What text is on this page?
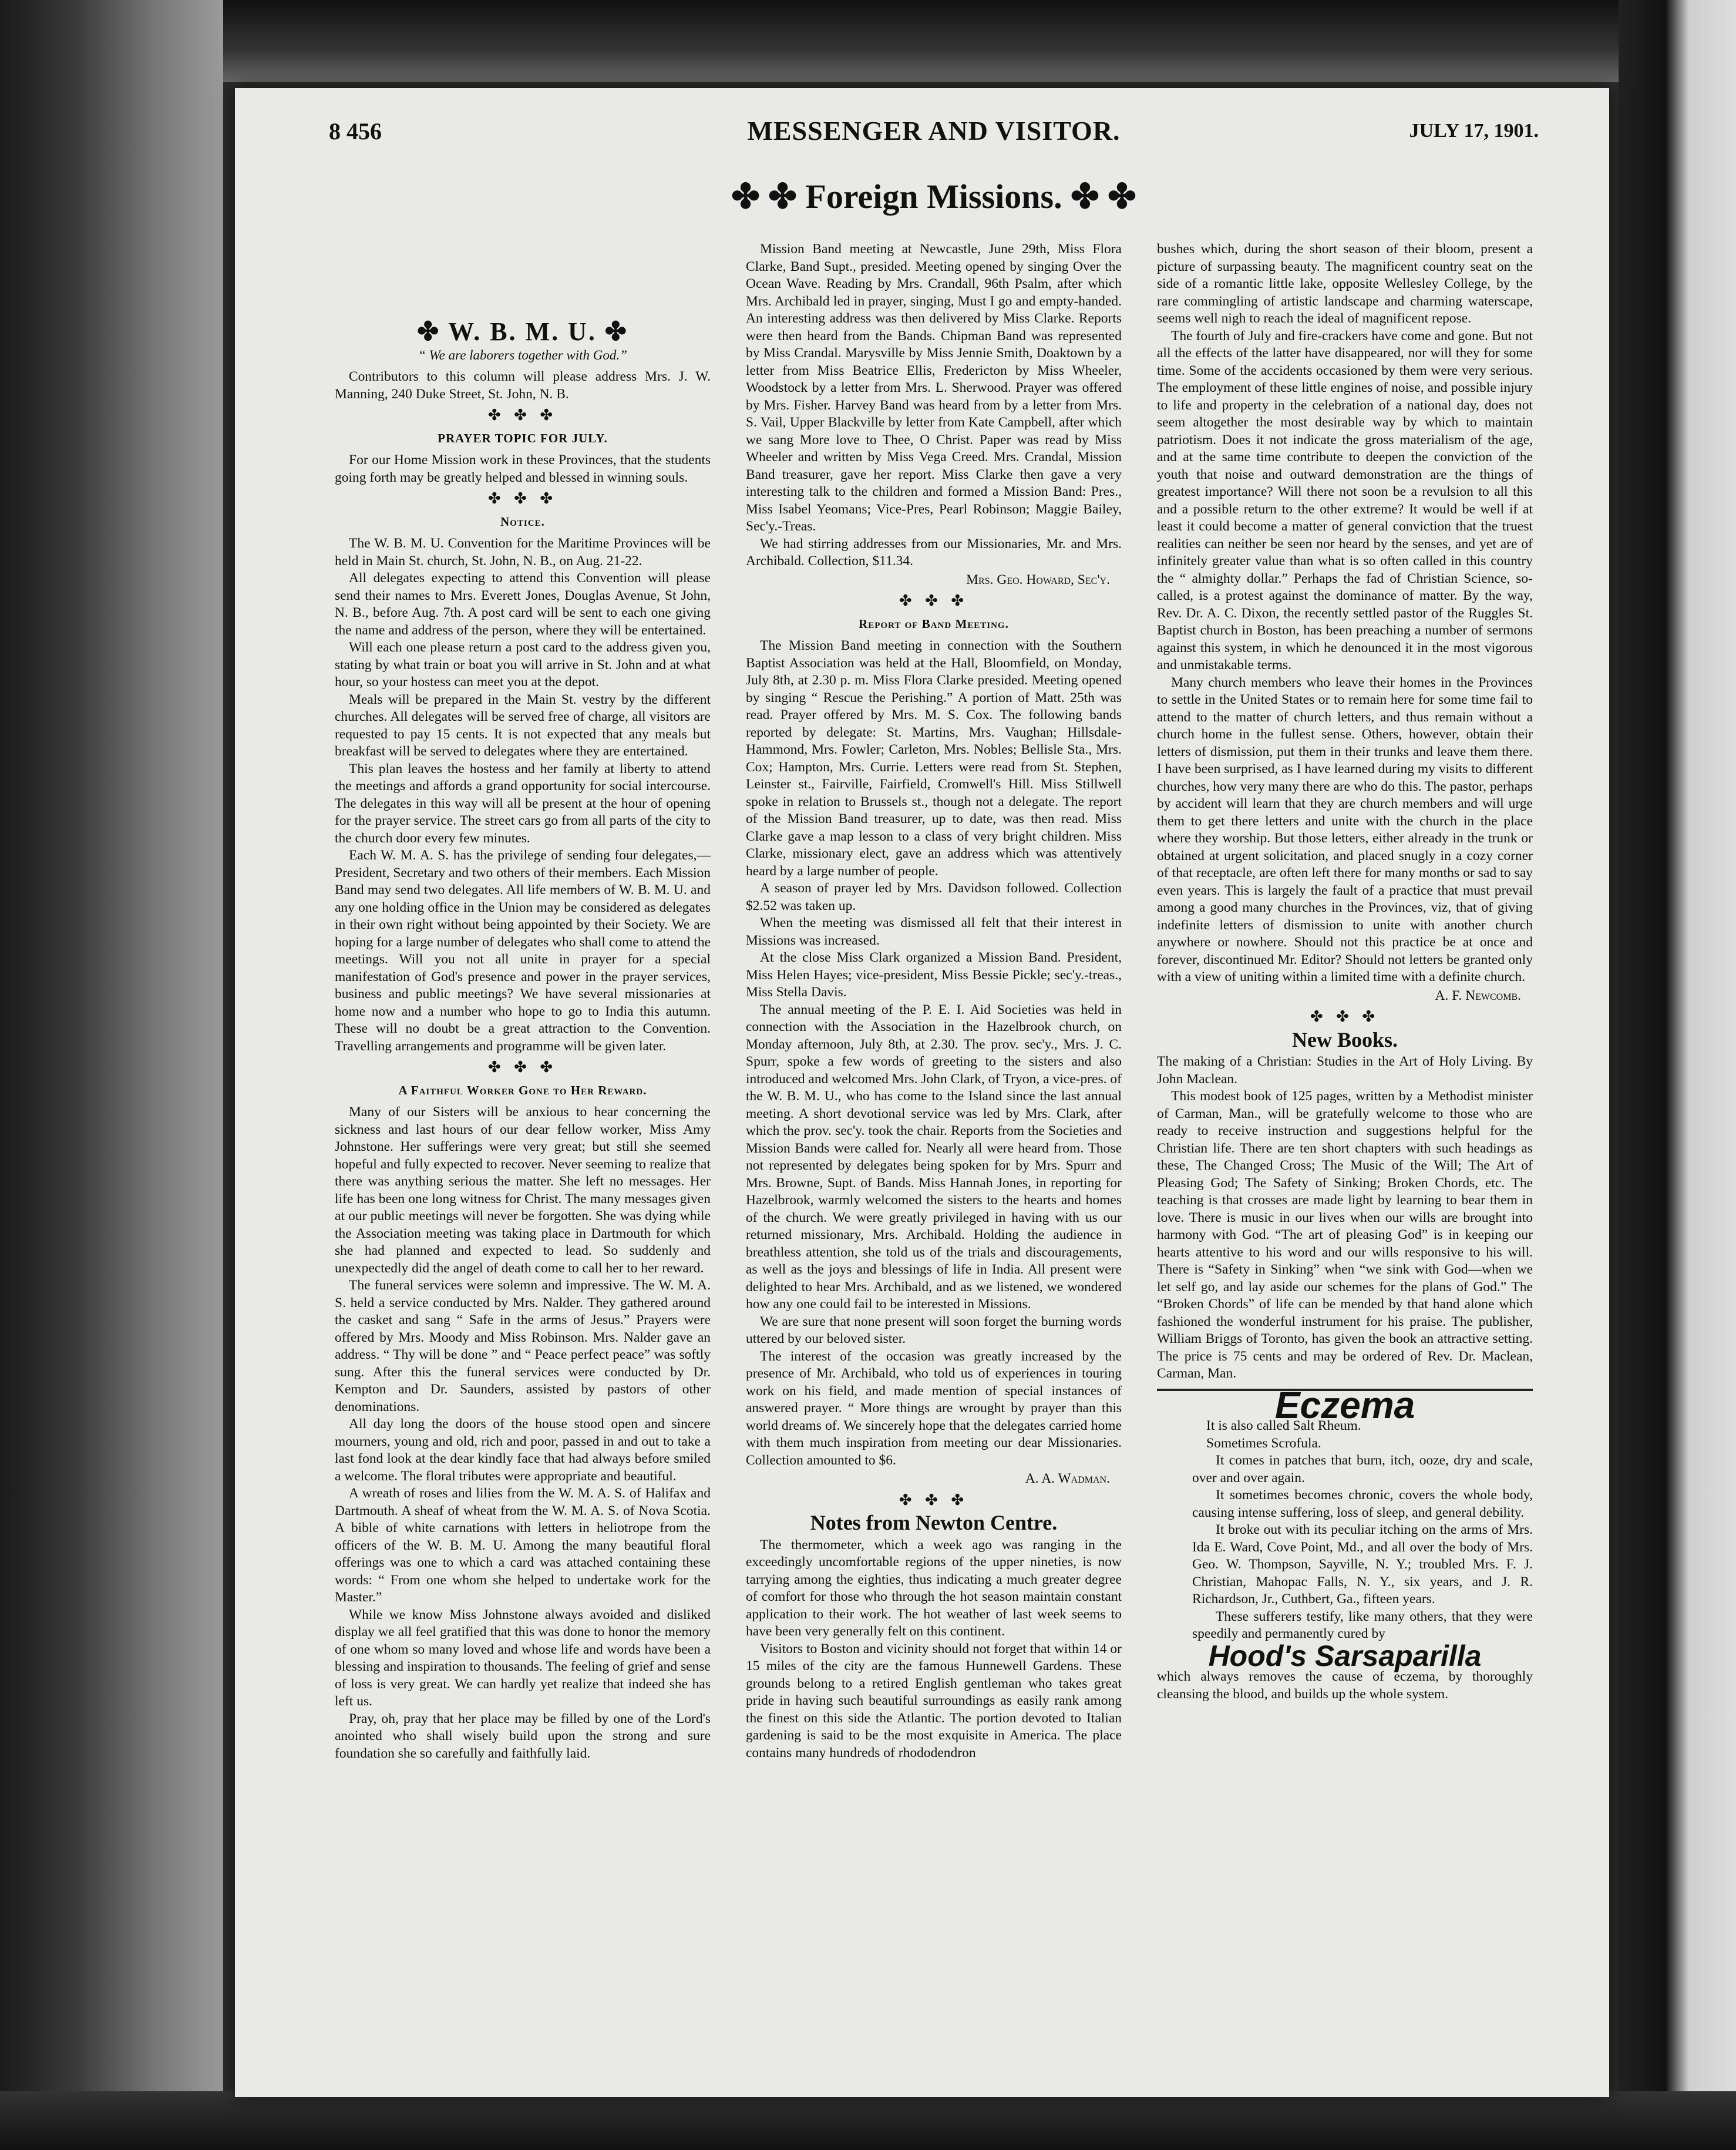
8 456	MESSENGER AND VISITOR.	JULY 17, 1901.
✤ ✤ Foreign Missions. ✤ ✤
✤ W. B. M. U. ✤
“ We are laborers together with God.”

Contributors to this column will please address Mrs. J. W. Manning, 240 Duke Street, St. John, N. B.

✤ ✤ ✤
PRAYER TOPIC FOR JULY.

For our Home Mission work in these Provinces, that the students going forth may be greatly helped and blessed in winning souls.

✤ ✤ ✤
Notice.

The W. B. M. U. Convention for the Maritime Provinces will be held in Main St. church, St. John, N. B., on Aug. 21-22.

All delegates expecting to attend this Convention will please send their names to Mrs. Everett Jones, Douglas Avenue, St John, N. B., before Aug. 7th. A post card will be sent to each one giving the name and address of the person, where they will be entertained.

Will each one please return a post card to the address given you, stating by what train or boat you will arrive in St. John and at what hour, so your hostess can meet you at the depot.

Meals will be prepared in the Main St. vestry by the different churches. All delegates will be served free of charge, all visitors are requested to pay 15 cents. It is not expected that any meals but breakfast will be served to delegates where they are entertained.

This plan leaves the hostess and her family at liberty to attend the meetings and affords a grand opportunity for social intercourse. The delegates in this way will all be present at the hour of opening for the prayer service. The street cars go from all parts of the city to the church door every few minutes.

Each W. M. A. S. has the privilege of sending four delegates,—President, Secretary and two others of their members. Each Mission Band may send two delegates. All life members of W. B. M. U. and any one holding office in the Union may be considered as delegates in their own right without being appointed by their Society. We are hoping for a large number of delegates who shall come to attend the meetings. Will you not all unite in prayer for a special manifestation of God's presence and power in the prayer services, business and public meetings? We have several missionaries at home now and a number who hope to go to India this autumn. These will no doubt be a great attraction to the Convention. Travelling arrangements and programme will be given later.

✤ ✤ ✤
A Faithful Worker Gone to Her Reward.

Many of our Sisters will be anxious to hear concerning the sickness and last hours of our dear fellow worker, Miss Amy Johnstone. Her sufferings were very great; but still she seemed hopeful and fully expected to recover. Never seeming to realize that there was anything serious the matter. She left no messages. Her life has been one long witness for Christ. The many messages given at our public meetings will never be forgotten. She was dying while the Association meeting was taking place in Dartmouth for which she had planned and expected to lead. So suddenly and unexpectedly did the angel of death come to call her to her reward.

The funeral services were solemn and impressive. The W. M. A. S. held a service conducted by Mrs. Nalder. They gathered around the casket and sang “ Safe in the arms of Jesus.” Prayers were offered by Mrs. Moody and Miss Robinson. Mrs. Nalder gave an address. “ Thy will be done ” and “ Peace perfect peace” was softly sung. After this the funeral services were conducted by Dr. Kempton and Dr. Saunders, assisted by pastors of other denominations.

All day long the doors of the house stood open and sincere mourners, young and old, rich and poor, passed in and out to take a last fond look at the dear kindly face that had always before smiled a welcome. The floral tributes were appropriate and beautiful.

A wreath of roses and lilies from the W. M. A. S. of Halifax and Dartmouth. A sheaf of wheat from the W. M. A. S. of Nova Scotia. A bible of white carnations with letters in heliotrope from the officers of the W. B. M. U. Among the many beautiful floral offerings was one to which a card was attached containing these words: “ From one whom she helped to undertake work for the Master.”

While we know Miss Johnstone always avoided and disliked display we all feel gratified that this was done to honor the memory of one whom so many loved and whose life and words have been a blessing and inspiration to thousands. The feeling of grief and sense of loss is very great. We can hardly yet realize that indeed she has left us.

Pray, oh, pray that her place may be filled by one of the Lord's anointed who shall wisely build upon the strong and sure foundation she so carefully and faithfully laid.

Mission Band meeting at Newcastle, June 29th, Miss Flora Clarke, Band Supt., presided. Meeting opened by singing Over the Ocean Wave. Reading by Mrs. Crandall, 96th Psalm, after which Mrs. Archibald led in prayer, singing, Must I go and empty-handed. An interesting address was then delivered by Miss Clarke. Reports were then heard from the Bands. Chipman Band was represented by Miss Crandal. Marysville by Miss Jennie Smith, Doaktown by a letter from Miss Beatrice Ellis, Fredericton by Miss Wheeler, Woodstock by a letter from Mrs. L. Sherwood. Prayer was offered by Mrs. Fisher. Harvey Band was heard from by a letter from Mrs. S. Vail, Upper Blackville by letter from Kate Campbell, after which we sang More love to Thee, O Christ. Paper was read by Miss Wheeler and written by Miss Vega Creed. Mrs. Crandal, Mission Band treasurer, gave her report. Miss Clarke then gave a very interesting talk to the children and formed a Mission Band: Pres., Miss Isabel Yeomans; Vice-Pres, Pearl Robinson; Maggie Bailey, Sec'y.-Treas.

We had stirring addresses from our Missionaries, Mr. and Mrs. Archibald. Collection, $11.34.

Mrs. Geo. Howard, Sec'y.
✤ ✤ ✤
Report of Band Meeting.

The Mission Band meeting in connection with the Southern Baptist Association was held at the Hall, Bloomfield, on Monday, July 8th, at 2.30 p. m. Miss Flora Clarke presided. Meeting opened by singing “ Rescue the Perishing.” A portion of Matt. 25th was read. Prayer offered by Mrs. M. S. Cox. The following bands reported by delegate: St. Martins, Mrs. Vaughan; Hillsdale-Hammond, Mrs. Fowler; Carleton, Mrs. Nobles; Bellisle Sta., Mrs. Cox; Hampton, Mrs. Currie. Letters were read from St. Stephen, Leinster st., Fairville, Fairfield, Cromwell's Hill. Miss Stillwell spoke in relation to Brussels st., though not a delegate. The report of the Mission Band treasurer, up to date, was then read. Miss Clarke gave a map lesson to a class of very bright children. Miss Clarke, missionary elect, gave an address which was attentively heard by a large number of people.

A season of prayer led by Mrs. Davidson followed. Collection $2.52 was taken up.

When the meeting was dismissed all felt that their interest in Missions was increased.

At the close Miss Clark organized a Mission Band. President, Miss Helen Hayes; vice-president, Miss Bessie Pickle; sec'y.-treas., Miss Stella Davis.

The annual meeting of the P. E. I. Aid Societies was held in connection with the Association in the Hazelbrook church, on Monday afternoon, July 8th, at 2.30. The prov. sec'y., Mrs. J. C. Spurr, spoke a few words of greeting to the sisters and also introduced and welcomed Mrs. John Clark, of Tryon, a vice-pres. of the W. B. M. U., who has come to the Island since the last annual meeting. A short devotional service was led by Mrs. Clark, after which the prov. sec'y. took the chair. Reports from the Societies and Mission Bands were called for. Nearly all were heard from. Those not represented by delegates being spoken for by Mrs. Spurr and Mrs. Browne, Supt. of Bands. Miss Hannah Jones, in reporting for Hazelbrook, warmly welcomed the sisters to the hearts and homes of the church. We were greatly privileged in having with us our returned missionary, Mrs. Archibald. Holding the audience in breathless attention, she told us of the trials and discouragements, as well as the joys and blessings of life in India. All present were delighted to hear Mrs. Archibald, and as we listened, we wondered how any one could fail to be interested in Missions.

We are sure that none present will soon forget the burning words uttered by our beloved sister.

The interest of the occasion was greatly increased by the presence of Mr. Archibald, who told us of experiences in touring work on his field, and made mention of special instances of answered prayer. “ More things are wrought by prayer than this world dreams of. We sincerely hope that the delegates carried home with them much inspiration from meeting our dear Missionaries. Collection amounted to $6.

A. A. Wadman.
✤ ✤ ✤
Notes from Newton Centre.

The thermometer, which a week ago was ranging in the exceedingly uncomfortable regions of the upper nineties, is now tarrying among the eighties, thus indicating a much greater degree of comfort for those who through the hot season maintain constant application to their work. The hot weather of last week seems to have been very generally felt on this continent.

Visitors to Boston and vicinity should not forget that within 14 or 15 miles of the city are the famous Hunnewell Gardens. These grounds belong to a retired English gentleman who takes great pride in having such beautiful surroundings as easily rank among the finest on this side the Atlantic. The portion devoted to Italian gardening is said to be the most exquisite in America. The place contains many hundreds of rhododendron

bushes which, during the short season of their bloom, present a picture of surpassing beauty. The magnificent country seat on the side of a romantic little lake, opposite Wellesley College, by the rare commingling of artistic landscape and charming waterscape, seems well nigh to reach the ideal of magnificent repose.

The fourth of July and fire-crackers have come and gone. But not all the effects of the latter have disappeared, nor will they for some time. Some of the accidents occasioned by them were very serious. The employment of these little engines of noise, and possible injury to life and property in the celebration of a national day, does not seem altogether the most desirable way by which to maintain patriotism. Does it not indicate the gross materialism of the age, and at the same time contribute to deepen the conviction of the youth that noise and outward demonstration are the things of greatest importance? Will there not soon be a revulsion to all this and a possible return to the other extreme? It would be well if at least it could become a matter of general conviction that the truest realities can neither be seen nor heard by the senses, and yet are of infinitely greater value than what is so often called in this country the “ almighty dollar.” Perhaps the fad of Christian Science, so-called, is a protest against the dominance of matter. By the way, Rev. Dr. A. C. Dixon, the recently settled pastor of the Ruggles St. Baptist church in Boston, has been preaching a number of sermons against this system, in which he denounced it in the most vigorous and unmistakable terms.

Many church members who leave their homes in the Provinces to settle in the United States or to remain here for some time fail to attend to the matter of church letters, and thus remain without a church home in the fullest sense. Others, however, obtain their letters of dismission, put them in their trunks and leave them there. I have been surprised, as I have learned during my visits to different churches, how very many there are who do this. The pastor, perhaps by accident will learn that they are church members and will urge them to get there letters and unite with the church in the place where they worship. But those letters, either already in the trunk or obtained at urgent solicitation, and placed snugly in a cozy corner of that receptacle, are often left there for many months or sad to say even years. This is largely the fault of a practice that must prevail among a good many churches in the Provinces, viz, that of giving indefinite letters of dismission to unite with another church anywhere or nowhere. Should not this practice be at once and forever, discontinued Mr. Editor? Should not letters be granted only with a view of uniting within a limited time with a definite church.

A. F. Newcomb.
✤ ✤ ✤
New Books.

The making of a Christian: Studies in the Art of Holy Living. By John Maclean.

This modest book of 125 pages, written by a Methodist minister of Carman, Man., will be gratefully welcome to those who are ready to receive instruction and suggestions helpful for the Christian life. There are ten short chapters with such headings as these, The Changed Cross; The Music of the Will; The Art of Pleasing God; The Safety of Sinking; Broken Chords, etc. The teaching is that crosses are made light by learning to bear them in love. There is music in our lives when our wills are brought into harmony with God. “The art of pleasing God” is in keeping our hearts attentive to his word and our wills responsive to his will. There is “Safety in Sinking” when “we sink with God—when we let self go, and lay aside our schemes for the plans of God.” The “Broken Chords” of life can be mended by that hand alone which fashioned the wonderful instrument for his praise. The publisher, William Briggs of Toronto, has given the book an attractive setting. The price is 75 cents and may be ordered of Rev. Dr. Maclean, Carman, Man.

Eczema

It is also called Salt Rheum.

Sometimes Scrofula.

It comes in patches that burn, itch, ooze, dry and scale, over and over again.

It sometimes becomes chronic, covers the whole body, causing intense suffering, loss of sleep, and general debility.

It broke out with its peculiar itching on the arms of Mrs. Ida E. Ward, Cove Point, Md., and all over the body of Mrs. Geo. W. Thompson, Sayville, N. Y.; troubled Mrs. F. J. Christian, Mahopac Falls, N. Y., six years, and J. R. Richardson, Jr., Cuthbert, Ga., fifteen years.

These sufferers testify, like many others, that they were speedily and permanently cured by

Hood's Sarsaparilla

which always removes the cause of eczema, by thoroughly cleansing the blood, and builds up the whole system.
